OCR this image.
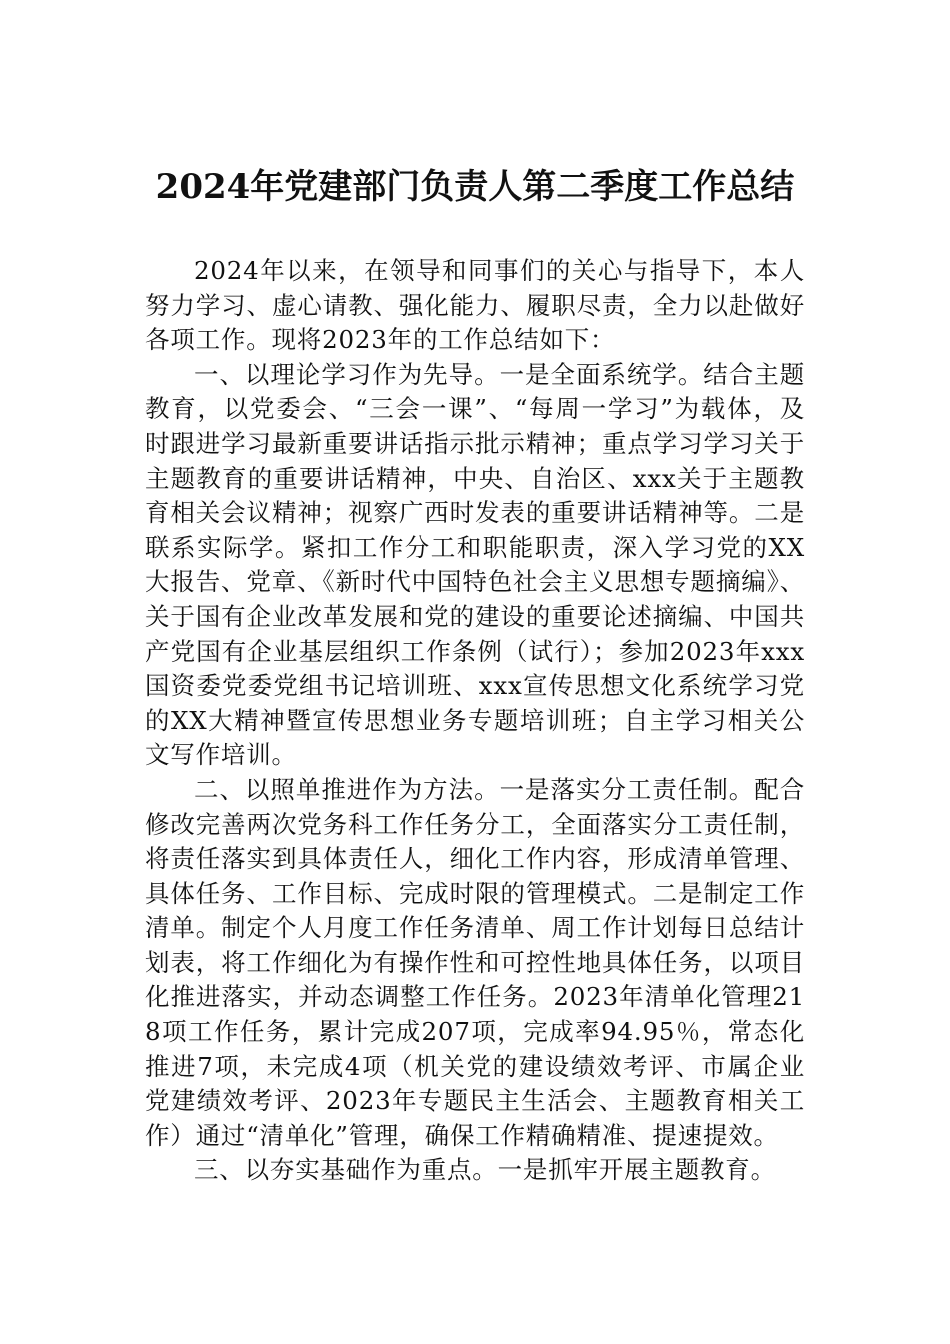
2024年党建部门负责人第二季度工作总结

2024年以来，在领导和同事们的关心与指导下，本人努力学习、虚心请教、强化能力、履职尽责，全力以赴做好各项工作。现将2023年的工作总结如下：

一、以理论学习作为先导。一是全面系统学。结合主题教育，以党委会、“三会一课”、“每周一学习”为载体，及时跟进学习最新重要讲话指示批示精神；重点学习学习关于主题教育的重要讲话精神，中央、自治区、xxx关于主题教育相关会议精神；视察广西时发表的重要讲话精神等。二是联系实际学。紧扣工作分工和职能职责，深入学习党的XX大报告、党章、《新时代中国特色社会主义思想专题摘编》、关于国有企业改革发展和党的建设的重要论述摘编、中国共产党国有企业基层组织工作条例（试行）；参加2023年xxx国资委党委党组书记培训班、xxx宣传思想文化系统学习党的XX大精神暨宣传思想业务专题培训班；自主学习相关公文写作培训。

二、以照单推进作为方法。一是落实分工责任制。配合修改完善两次党务科工作任务分工，全面落实分工责任制，将责任落实到具体责任人，细化工作内容，形成清单管理、具体任务、工作目标、完成时限的管理模式。二是制定工作清单。制定个人月度工作任务清单、周工作计划每日总结计划表，将工作细化为有操作性和可控性地具体任务，以项目化推进落实，并动态调整工作任务。2023年清单化管理218项工作任务，累计完成207项，完成率94.95％，常态化推进7项，未完成4项（机关党的建设绩效考评、市属企业党建绩效考评、2023年专题民主生活会、主题教育相关工作）通过“清单化”管理，确保工作精确精准、提速提效。

三、以夯实基础作为重点。一是抓牢开展主题教育。
